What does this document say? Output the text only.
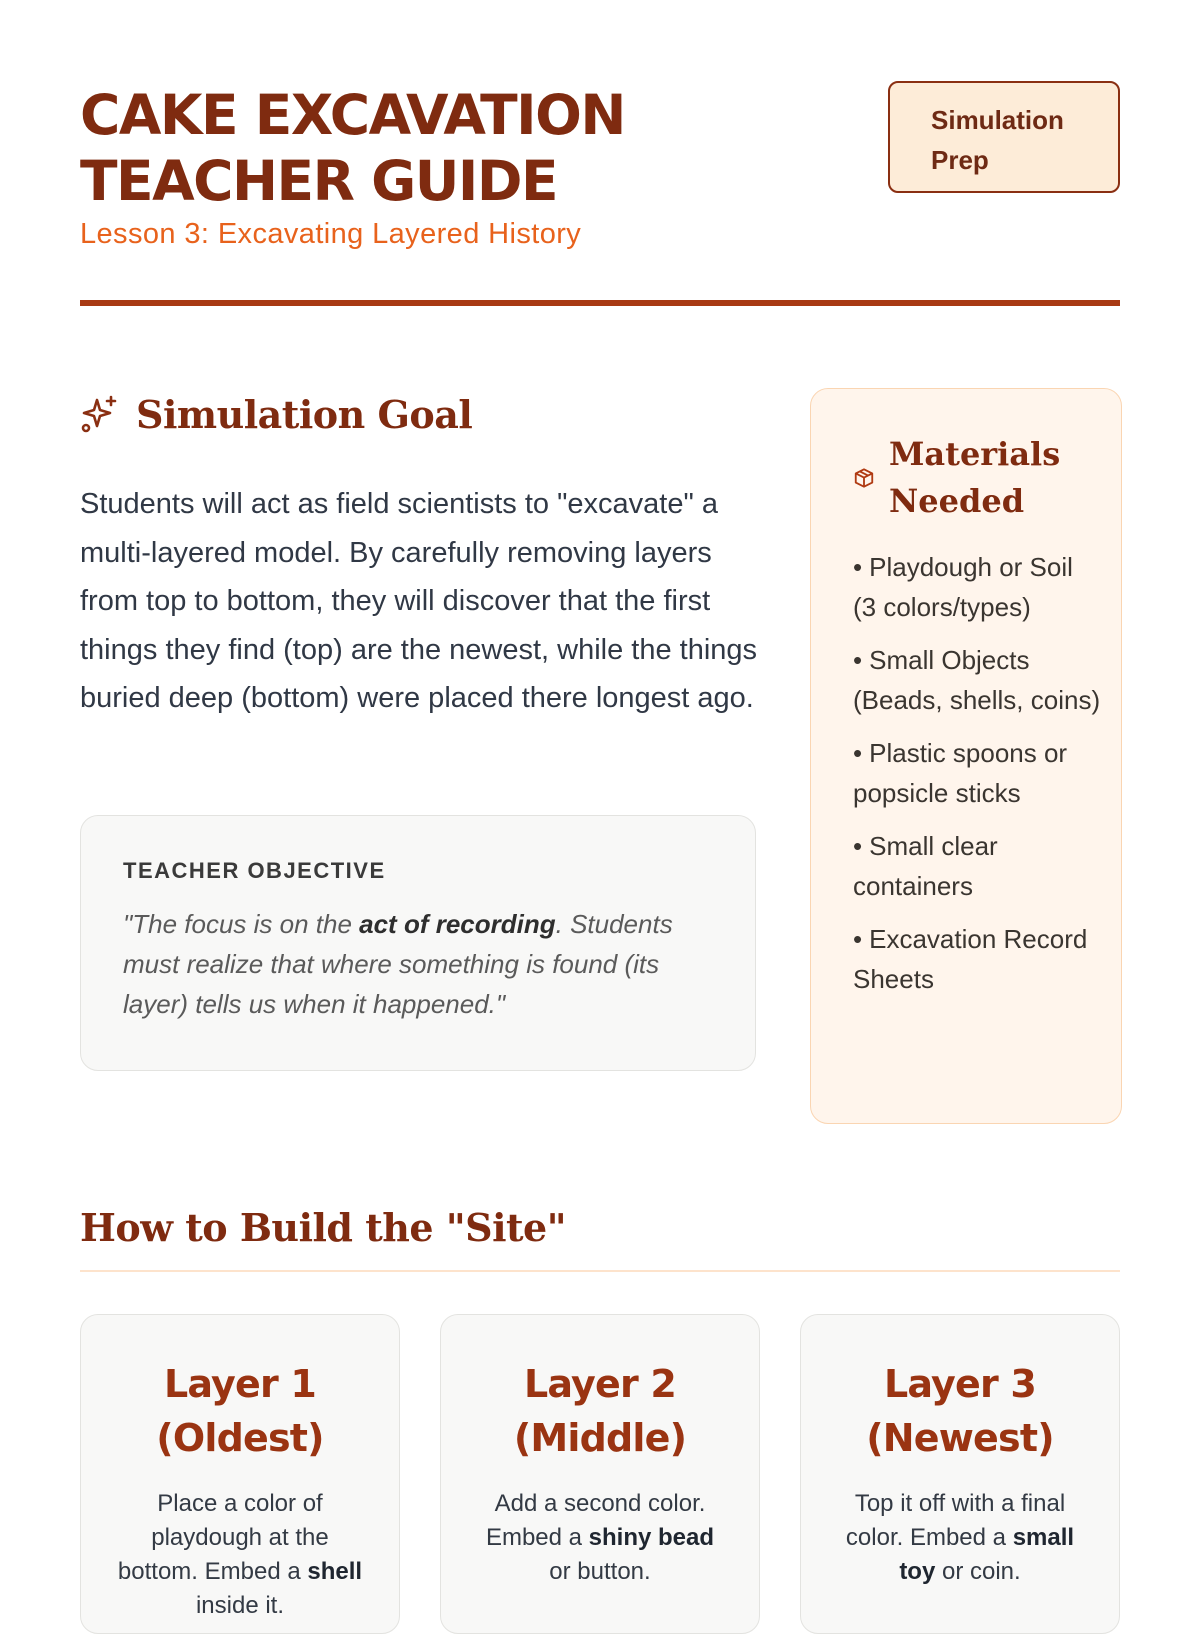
CAKE EXCAVATION
TEACHER GUIDE
Lesson 3: Excavating Layered History
Simulation
Prep
Simulation Goal

Students will act as field scientists to "excavate" a multi-layered model. By carefully removing layers from top to bottom, they will discover that the first things they find (top) are the newest, while the things buried deep (bottom) were placed there longest ago.

TEACHER OBJECTIVE

"The focus is on the act of recording. Students must realize that where something is found (its layer) tells us when it happened."

Materials
Needed
• Playdough or Soil (3 colors/types)
• Small Objects (Beads, shells, coins)
• Plastic spoons or popsicle sticks
• Small clear containers
• Excavation Record Sheets
How to Build the "Site"
Layer 1
(Oldest)

Place a color of playdough at the bottom. Embed a shell inside it.

Layer 2
(Middle)

Add a second color. Embed a shiny bead or button.

Layer 3
(Newest)

Top it off with a final color. Embed a small toy or coin.
